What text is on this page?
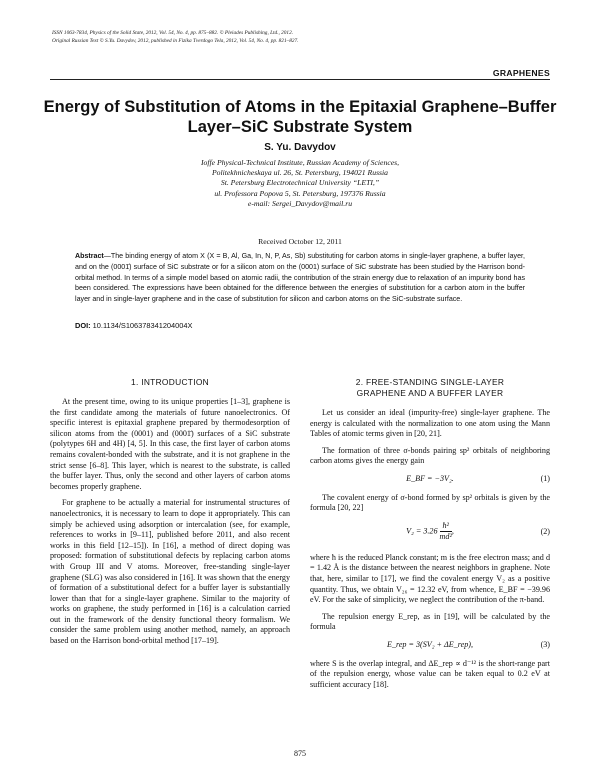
ISSN 1063-7834, Physics of the Solid State, 2012, Vol. 54, No. 4, pp. 875–882. © Pleiades Publishing, Ltd., 2012.
Original Russian Text © S.Yu. Davydov, 2012, published in Fizika Tverdogo Tela, 2012, Vol. 54, No. 4, pp. 821–827.
GRAPHENES
Energy of Substitution of Atoms in the Epitaxial Graphene–Buffer Layer–SiC Substrate System
S. Yu. Davydov
Ioffe Physical-Technical Institute, Russian Academy of Sciences,
Politekhnicheskaya ul. 26, St. Petersburg, 194021 Russia
St. Petersburg Electrotechnical University “LETI,”
ul. Professora Popova 5, St. Petersburg, 197376 Russia
e-mail: Sergei_Davydov@mail.ru
Received October 12, 2011
Abstract—The binding energy of atom X (X = B, Al, Ga, In, N, P, As, Sb) substituting for carbon atoms in single-layer graphene, a buffer layer, and on the (0001̄) surface of SiC substrate or for a silicon atom on the (0001) surface of SiC substrate has been studied by the Harrison bond-orbital method. In terms of a simple model based on atomic radii, the contribution of the strain energy due to relaxation of an impurity bond has been considered. The expressions have been obtained for the difference between the energies of substitution for a carbon atom in the buffer layer and in single-layer graphene and in the case of substitution for silicon and carbon atoms on the SiC-substrate surface.
DOI: 10.1134/S106378341204004X
1. INTRODUCTION

At the present time, owing to its unique properties [1–3], graphene is the first candidate among the materials of future nanoelectronics. Of specific interest is epitaxial graphene prepared by thermodesorption of silicon atoms from the (0001) and (0001̄) surfaces of a SiC substrate (polytypes 6H and 4H) [4, 5]. In this case, the first layer of carbon atoms remains covalent-bonded with the substrate, and it is not graphene in the strict sense [6–8]. This layer, which is nearest to the substrate, is called the buffer layer. Thus, only the second and other layers of carbon atoms becomes properly graphene.

For graphene to be actually a material for instrumental structures of nanoelectronics, it is necessary to learn to dope it appropriately. This can simply be achieved using adsorption or intercalation (see, for example, references to works in [9–11], published before 2011, and also recent works in this field [12–15]). In [16], a method of direct doping was proposed: formation of substitutional defects by replacing carbon atoms with Group III and V atoms. Moreover, free-standing single-layer graphene (SLG) was also considered in [16]. It was shown that the energy of formation of a substitutional defect for a buffer layer is substantially lower than that for a single-layer graphene. Similar to the majority of works on graphene, the study performed in [16] is a calculation carried out in the framework of the density functional theory formalism. We consider the same problem using another method, namely, an approach based on the Harrison bond-orbital method [17–19].

2. FREE-STANDING SINGLE-LAYER
GRAPHENE AND A BUFFER LAYER

Let us consider an ideal (impurity-free) single-layer graphene. The energy is calculated with the normalization to one atom using the Mann Tables of atomic terms given in [20, 21].

The formation of three σ-bonds pairing sp² orbitals of neighboring carbon atoms gives the energy gain

E_BF = −3V₂.	(1)

The covalent energy of σ-bond formed by sp² orbitals is given by the formula [20, 22]

$V_2 = 3.26 \frac{\text{ħ²}}{\text{md²}}$ ,	(2)

where ħ is the reduced Planck constant; m is the free electron mass; and d = 1.42 Å is the distance between the nearest neighbors in graphene. Note that, here, similar to [17], we find the covalent energy V₂ as a positive quantity. Thus, we obtain V₂₆ = 12.32 eV, from whence, E_BF = −39.96 eV. For the sake of simplicity, we neglect the contribution of the π-band.

The repulsion energy E_rep, as in [19], will be calculated by the formula

E_rep = 3(SV₂ + ΔE_rep),	(3)

where S is the overlap integral, and ΔE_rep ∝ d⁻¹² is the short-range part of the repulsion energy, whose value can be taken equal to 0.2 eV at sufficient accuracy [18].

875
